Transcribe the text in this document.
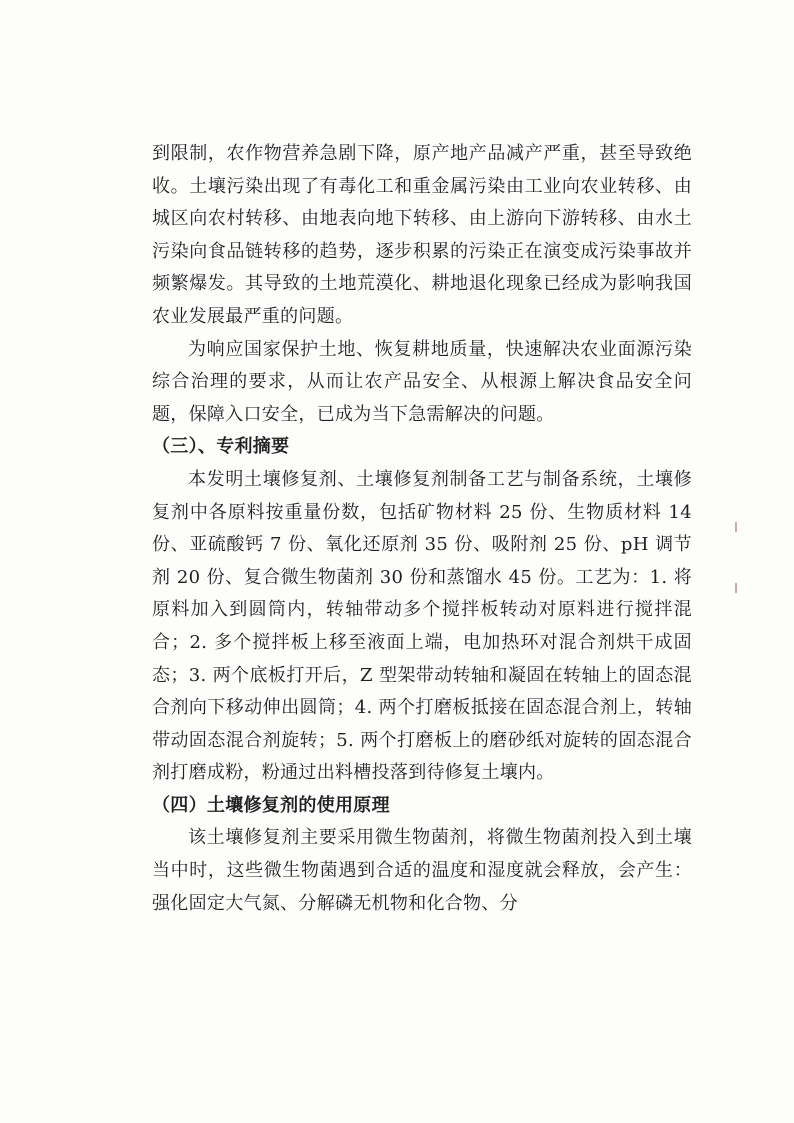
到限制，农作物营养急剧下降，原产地产品减产严重，甚至导致绝收。土壤污染出现了有毒化工和重金属污染由工业向农业转移、由城区向农村转移、由地表向地下转移、由上游向下游转移、由水土污染向食品链转移的趋势，逐步积累的污染正在演变成污染事故并频繁爆发。其导致的土地荒漠化、耕地退化现象已经成为影响我国农业发展最严重的问题。

为响应国家保护土地、恢复耕地质量，快速解决农业面源污染综合治理的要求，从而让农产品安全、从根源上解决食品安全问题，保障入口安全，已成为当下急需解决的问题。

（三）、专利摘要

本发明土壤修复剂、土壤修复剂制备工艺与制备系统，土壤修复剂中各原料按重量份数，包括矿物材料 25 份、生物质材料 14 份、亚硫酸钙 7 份、氧化还原剂 35 份、吸附剂 25 份、pH 调节剂 20 份、复合微生物菌剂 30 份和蒸馏水 45 份。工艺为：1. 将原料加入到圆筒内，转轴带动多个搅拌板转动对原料进行搅拌混合；2. 多个搅拌板上移至液面上端，电加热环对混合剂烘干成固态；3. 两个底板打开后，Z 型架带动转轴和凝固在转轴上的固态混合剂向下移动伸出圆筒；4. 两个打磨板抵接在固态混合剂上，转轴带动固态混合剂旋转；5. 两个打磨板上的磨砂纸对旋转的固态混合剂打磨成粉，粉通过出料槽投落到待修复土壤内。

（四）土壤修复剂的使用原理

该土壤修复剂主要采用微生物菌剂，将微生物菌剂投入到土壤当中时，这些微生物菌遇到合适的温度和湿度就会释放，会产生：强化固定大气氮、分解磷无机物和化合物、分
